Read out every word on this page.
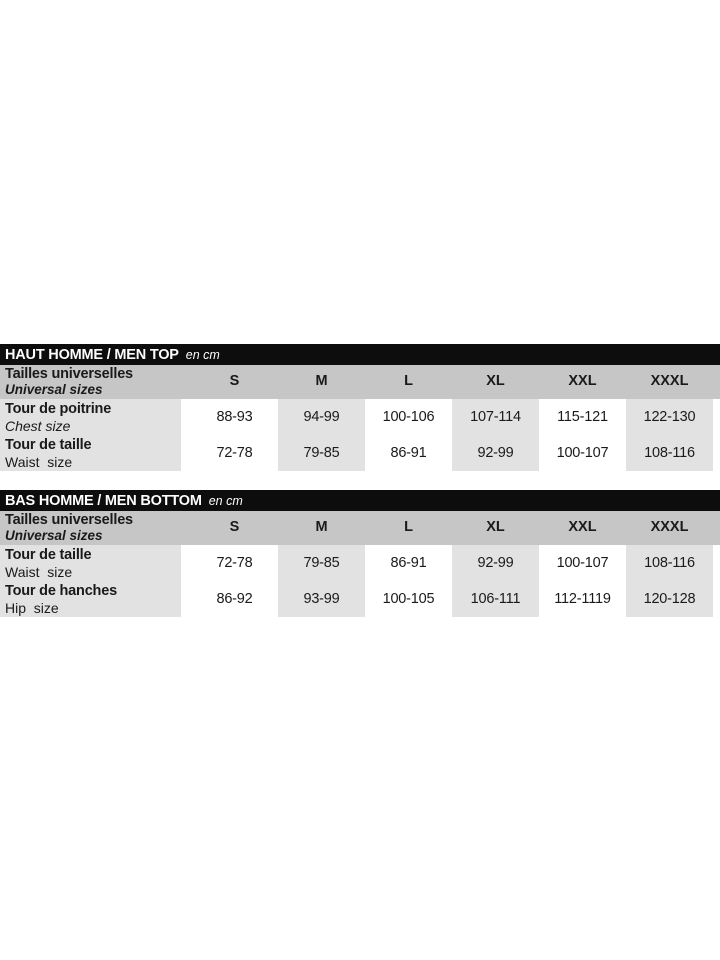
HAUT HOMME / MEN TOP en cm
Tailles universelles
Universal sizes
S	M	L	XL	XXL	XXXL
Tour de poitrine
Chest size
88-93	94-99	100-106	107-114	115-121	122-130
Tour de taille
Waist  size
72-78	79-85	86-91	92-99	100-107	108-116
BAS HOMME / MEN BOTTOM en cm
Tailles universelles
Universal sizes
S	M	L	XL	XXL	XXXL
Tour de taille
Waist  size
72-78	79-85	86-91	92-99	100-107	108-116
Tour de hanches
Hip  size
86-92	93-99	100-105	106-111	112-1119	120-128
